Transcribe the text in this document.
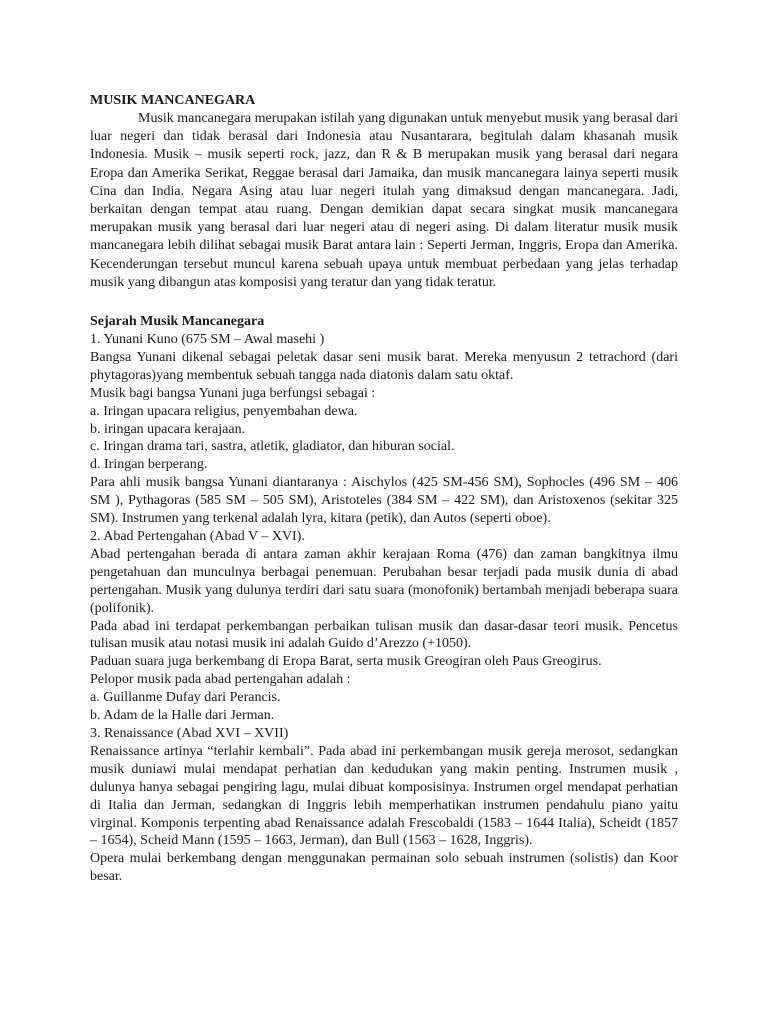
MUSIK MANCANEGARA

Musik mancanegara merupakan istilah yang digunakan untuk menyebut musik yang berasal dari luar negeri dan tidak berasal dari Indonesia atau Nusantarara, begitulah dalam khasanah musik Indonesia. Musik – musik seperti rock, jazz, dan R & B merupakan musik yang berasal dari negara Eropa dan Amerika Serikat, Reggae berasal dari Jamaika, dan musik mancanegara lainya seperti musik Cina dan India. Negara Asing atau luar negeri itulah yang dimaksud dengan mancanegara. Jadi, berkaitan dengan tempat atau ruang. Dengan demikian dapat secara singkat musik mancanegara merupakan musik yang berasal dari luar negeri atau di negeri asing. Di dalam literatur musik musik mancanegara lebih dilihat sebagai musik Barat antara lain : Seperti Jerman, Inggris, Eropa dan Amerika. Kecenderungan tersebut muncul karena sebuah upaya untuk membuat perbedaan yang jelas terhadap musik yang dibangun atas komposisi yang teratur dan yang tidak teratur.

Sejarah Musik Mancanegara

1. Yunani Kuno (675 SM – Awal masehi )

Bangsa Yunani dikenal sebagai peletak dasar seni musik barat. Mereka menyusun 2 tetrachord (dari phytagoras)yang membentuk sebuah tangga nada diatonis dalam satu oktaf.

Musik bagi bangsa Yunani juga berfungsi sebagai :

a. Iringan upacara religius, penyembahan dewa.

b. iringan upacara kerajaan.

c. Iringan drama tari, sastra, atletik, gladiator, dan hiburan social.

d. Iringan berperang.

Para ahli musik bangsa Yunani diantaranya : Aischylos (425 SM-456 SM), Sophocles (496 SM – 406 SM ), Pythagoras (585 SM – 505 SM), Aristoteles (384 SM – 422 SM), dan Aristoxenos (sekitar 325 SM). Instrumen yang terkenal adalah lyra, kitara (petik), dan Autos (seperti oboe).

2. Abad Pertengahan (Abad V – XVI).

Abad pertengahan berada di antara zaman akhir kerajaan Roma (476) dan zaman bangkitnya ilmu pengetahuan dan munculnya berbagai penemuan. Perubahan besar terjadi pada musik dunia di abad pertengahan. Musik yang dulunya terdiri dari satu suara (monofonik) bertambah menjadi beberapa suara (polifonik).

Pada abad ini terdapat perkembangan perbaikan tulisan musik dan dasar-dasar teori musik. Pencetus tulisan musik atau notasi musik ini adalah Guido d’Arezzo (+1050).

Paduan suara juga berkembang di Eropa Barat, serta musik Greogiran oleh Paus Greogirus.

Pelopor musik pada abad pertengahan adalah :

a. Guillanme Dufay dari Perancis.

b. Adam de la Halle dari Jerman.

3. Renaissance (Abad XVI – XVII)

Renaissance artinya “terlahir kembali”. Pada abad ini perkembangan musik gereja merosot, sedangkan musik duniawi mulai mendapat perhatian dan kedudukan yang makin penting. Instrumen musik , dulunya hanya sebagai pengiring lagu, mulai dibuat komposisinya. Instrumen orgel mendapat perhatian di Italia dan Jerman, sedangkan di Inggris lebih memperhatikan instrumen pendahulu piano yaitu virginal. Komponis terpenting abad Renaissance adalah Frescobaldi (1583 – 1644 Italia), Scheidt (1857 – 1654), Scheid Mann (1595 – 1663, Jerman), dan Bull (1563 – 1628, Inggris).

Opera mulai berkembang dengan menggunakan permainan solo sebuah instrumen (solistis) dan Koor besar.
